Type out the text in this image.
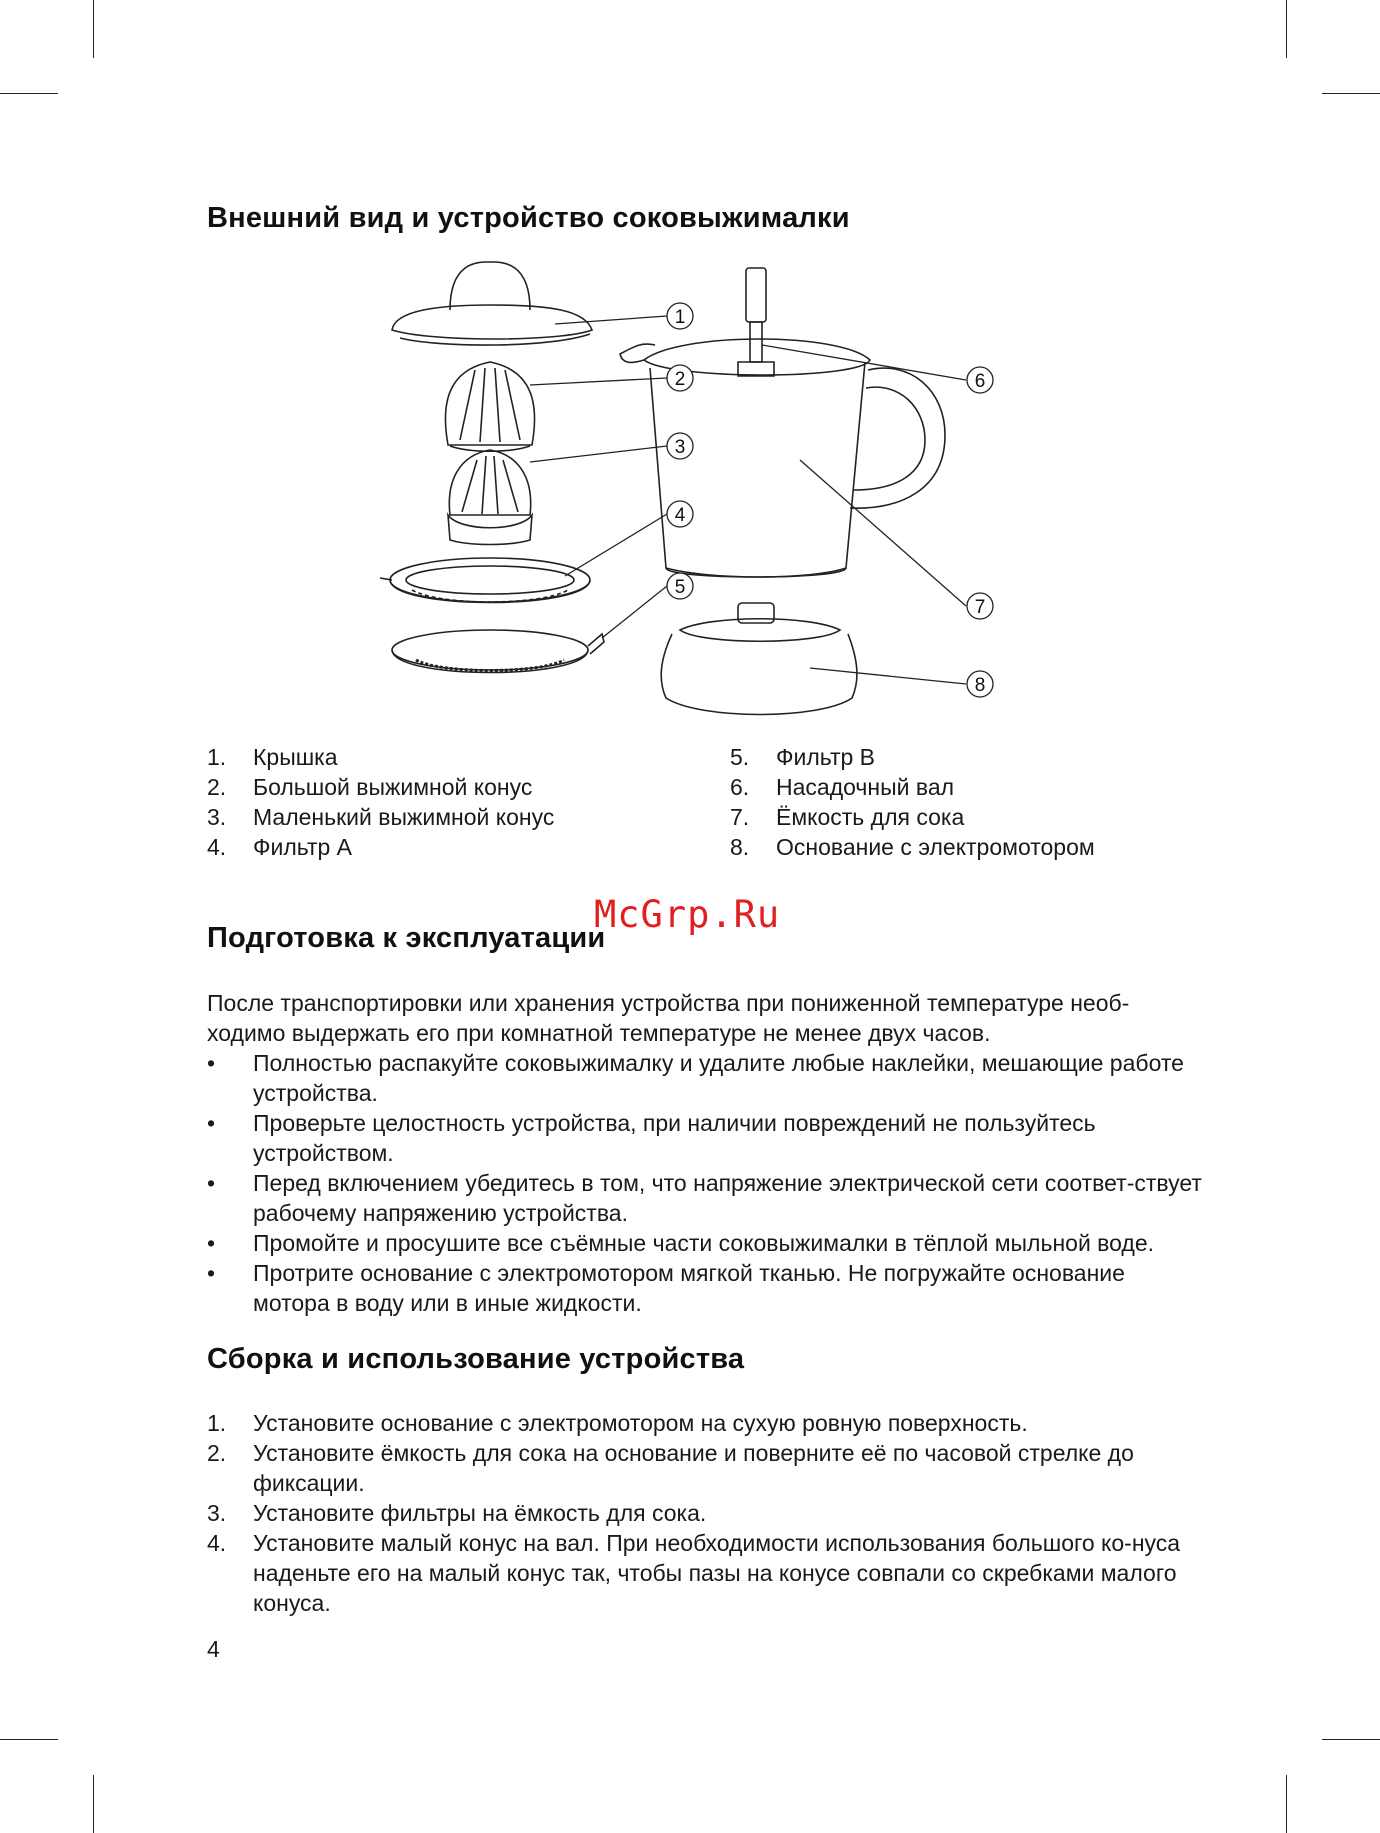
Внешний вид и устройство соковыжималки
1
2
3
4
5
6
7
8
1.	Крышка
2.	Большой выжимной конус
3.	Маленький выжимной конус
4.	Фильтр А
5.	Фильтр В
6.	Насадочный вал
7.	Ёмкость для сока
8.	Основание с электромотором
McGrp.Ru
Подготовка к эксплуатации

После транспортировки или хранения устройства при пониженной температуре необ-ходимо выдержать его при комнатной температуре не менее двух часов.

•	Полностью распакуйте соковыжималку и удалите любые наклейки, мешающие работе устройства.
•	Проверьте целостность устройства, при наличии повреждений не пользуйтесь устройством.
•	Перед включением убедитесь в том, что напряжение электрической сети соответ-ствует рабочему напряжению устройства.
•	Промойте и просушите все съёмные части соковыжималки в тёплой мыльной воде.
•	Протрите основание с электромотором мягкой тканью. Не погружайте основание мотора в воду или в иные жидкости.
Сборка и использование устройства
1.	Установите основание с электромотором на сухую ровную поверхность.
2.	Установите ёмкость для сока на основание и поверните её по часовой стрелке до фиксации.
3.	Установите фильтры на ёмкость для сока.
4.	Установите малый конус на вал. При необходимости использования большого ко-нуса наденьте его на малый конус так, чтобы пазы на конусе совпали со скребками малого конуса.
4
